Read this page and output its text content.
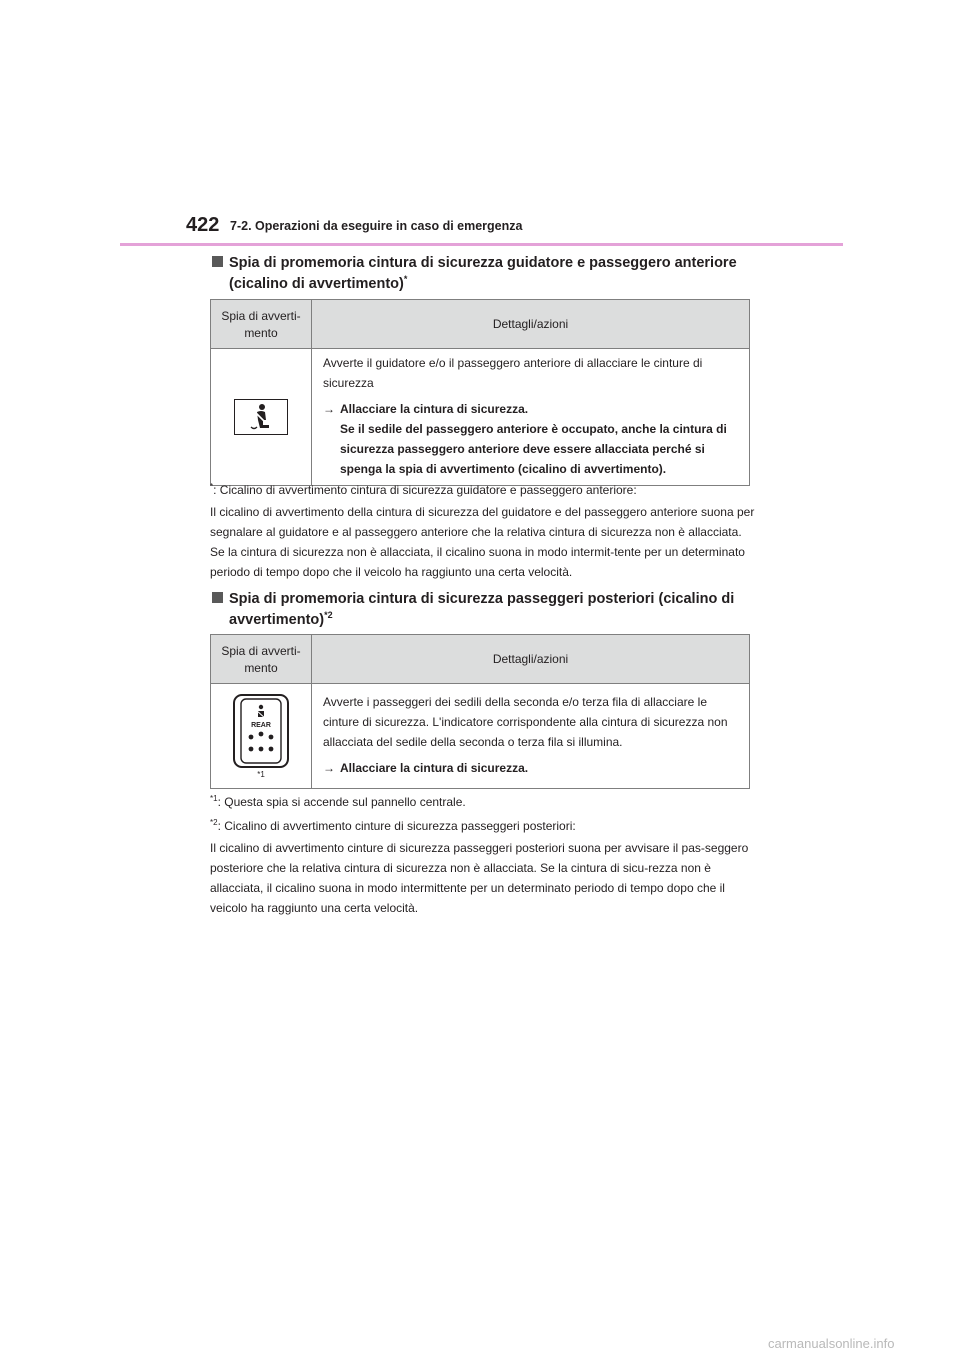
422 7-2. Operazioni da eseguire in caso di emergenza
Spia di promemoria cintura di sicurezza guidatore e passeggero anteriore
(cicalino di avvertimento)*
Spia di avverti-
mento
Dettagli/azioni

Avverte il guidatore e/o il passeggero anteriore di allacciare le cinture di sicurezza

→ Allacciare la cintura di sicurezza.

Se il sedile del passeggero anteriore è occupato, anche la cintura di sicurezza passeggero anteriore deve essere allacciata perché si spenga la spia di avvertimento (cicalino di avvertimento).

*: Cicalino di avvertimento cintura di sicurezza guidatore e passeggero anteriore:

Il cicalino di avvertimento della cintura di sicurezza del guidatore e del passeggero anteriore suona per segnalare al guidatore e al passeggero anteriore che la relativa cintura di sicurezza non è allacciata. Se la cintura di sicurezza non è allacciata, il cicalino suona in modo intermit-tente per un determinato periodo di tempo dopo che il veicolo ha raggiunto una certa velocità.

Spia di promemoria cintura di sicurezza passeggeri posteriori (cicalino di
avvertimento)$^{*2}$
Spia di avverti-
mento
Dettagli/azioni
REAR
*1

Avverte i passeggeri dei sedili della seconda e/o terza fila di allacciare le cinture di sicurezza. L'indicatore corrispondente alla cintura di sicurezza non allacciata del sedile della seconda o terza fila si illumina.

→ Allacciare la cintura di sicurezza.

$^{*1}$: Questa spia si accende sul pannello centrale.
$^{*2}$: Cicalino di avvertimento cinture di sicurezza passeggeri posteriori:

Il cicalino di avvertimento cinture di sicurezza passeggeri posteriori suona per avvisare il pas-seggero posteriore che la relativa cintura di sicurezza non è allacciata. Se la cintura di sicu-rezza non è allacciata, il cicalino suona in modo intermittente per un determinato periodo di tempo dopo che il veicolo ha raggiunto una certa velocità.

carmanualsonline.info
